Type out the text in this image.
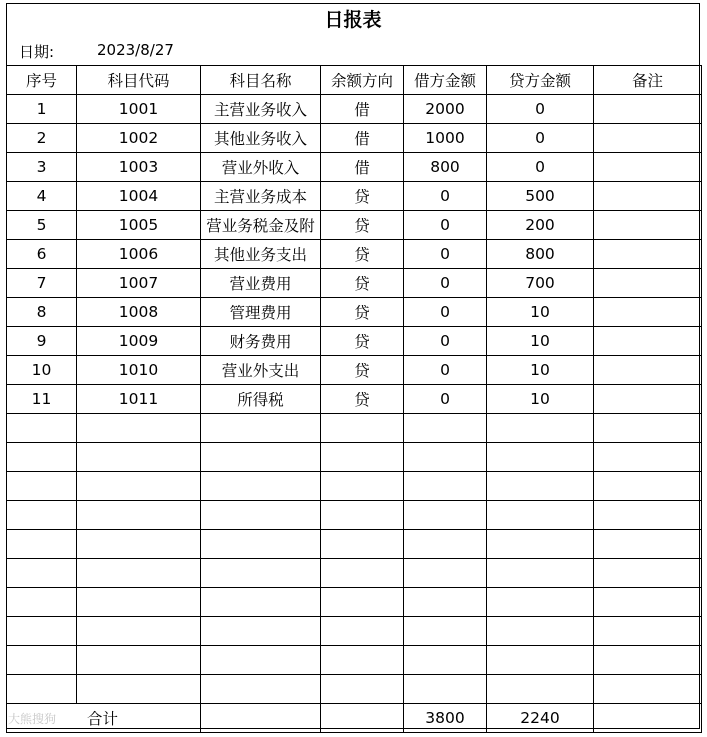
日报表
日期:	2023/8/27
序号	科目代码	科目名称	余额方向	借方金额	贷方金额	备注
1	1001	主营业务收入	借	2000	0	
2	1002	其他业务收入	借	1000	0	
3	1003	营业外收入	借	800	0	
4	1004	主营业务成本	贷	0	500	
5	1005	营业务税金及附	贷	0	200	
6	1006	其他业务支出	贷	0	800	
7	1007	营业费用	贷	0	700	
8	1008	管理费用	贷	0	10	
9	1009	财务费用	贷	0	10	
10	1010	营业外支出	贷	0	10	
11	1011	所得税	贷	0	10	

合计				3800	2240	
大熊搜狗
